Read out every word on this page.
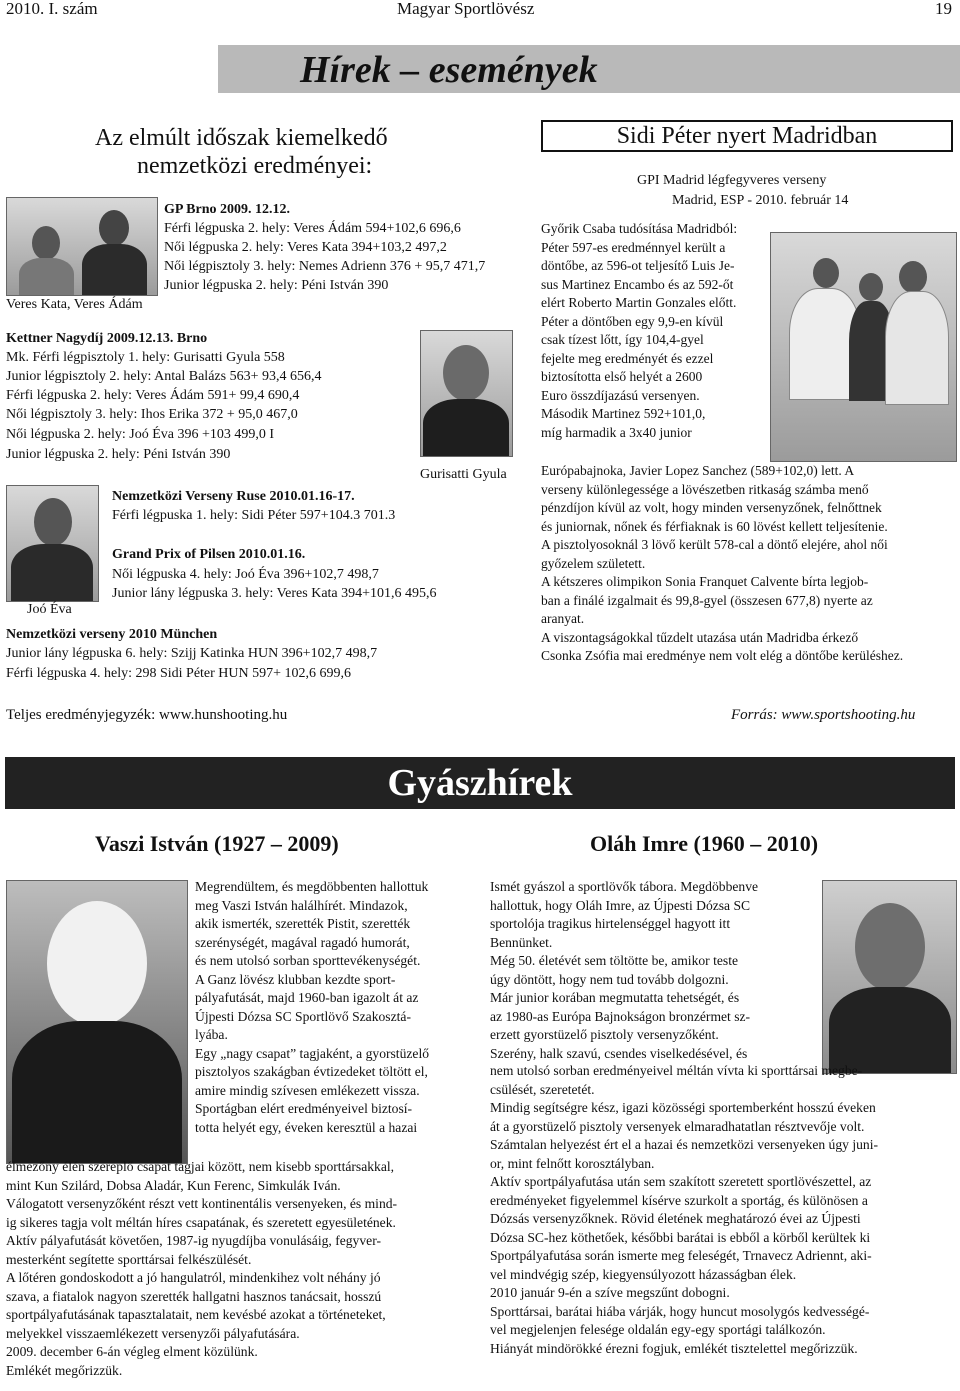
2010. I. szám	Magyar Sportlövész	19
Hírek – események
Az elmúlt időszak kiemelkedő
nemzetközi eredményei:
Veres Kata, Veres Ádám
GP Brno 2009. 12.12.
Férfi légpuska 2. hely: Veres Ádám 594+102,6 696,6
Női légpuska 2. hely: Veres Kata 394+103,2 497,2
Női légpisztoly 3. hely: Nemes Adrienn 376 + 95,7 471,7
Junior légpuska 2. hely: Péni István 390
Kettner Nagydíj 2009.12.13. Brno
Mk. Férfi légpisztoly 1. hely: Gurisatti Gyula 558
Junior légpisztoly 2. hely: Antal Balázs 563+ 93,4 656,4
Férfi légpuska 2. hely: Veres Ádám 591+ 99,4 690,4
Női légpisztoly 3. hely: Ihos Erika 372 + 95,0 467,0
Női légpuska 2. hely: Joó Éva 396 +103 499,0 I
Junior légpuska 2. hely: Péni István 390
Gurisatti Gyula
Joó Éva
Nemzetközi Verseny Ruse 2010.01.16-17.
Férfi légpuska 1. hely: Sidi Péter 597+104.3 701.3
Grand Prix of Pilsen 2010.01.16.
Női légpuska 4. hely: Joó Éva 396+102,7 498,7
Junior lány légpuska 3. hely: Veres Kata 394+101,6 495,6
Nemzetközi verseny 2010 München
Junior lány légpuska 6. hely: Szijj Katinka HUN 396+102,7 498,7
Férfi légpuska 4. hely: 298 Sidi Péter HUN 597+ 102,6 699,6
Teljes eredményjegyzék: www.hunshooting.hu
Sidi Péter nyert Madridban
GPI Madrid légfegyveres verseny
Madrid, ESP - 2010. február 14
Győrik Csaba tudósítása Madridból:
Péter 597-es eredménnyel került a
döntőbe, az 596-ot teljesítő Luis Je-
sus Martinez Encambo és az 592-őt
elért Roberto Martin Gonzales előtt.
Péter a döntőben egy 9,9-en kívül
csak tízest lőtt, így 104,4-gyel
fejelte meg eredményét és ezzel
biztosította első helyét a 2600
Euro összdíjazású versenyen.
Második Martinez 592+101,0,
míg harmadik a 3x40 junior
Európabajnoka, Javier Lopez Sanchez (589+102,0) lett. A
verseny különlegessége a lövészetben ritkaság számba menő
pénzdíjon kívül az volt, hogy minden versenyzőnek, felnőttnek
és juniornak, nőnek és férfiaknak is 60 lövést kellett teljesítenie.
A pisztolyosoknál 3 lövő került 578-cal a döntő elejére, ahol női
győzelem született.
A kétszeres olimpikon Sonia Franquet Calvente bírta legjob-
ban a finálé izgalmait és 99,8-gyel (összesen 677,8) nyerte az
aranyat.
A viszontagságokkal tűzdelt utazása után Madridba érkező
Csonka Zsófia mai eredménye nem volt elég a döntőbe kerüléshez.
Forrás: www.sportshooting.hu
Gyászhírek
Vaszi István (1927 – 2009)	Oláh Imre (1960 – 2010)
Megrendültem, és megdöbbenten hallottuk
meg Vaszi István halálhírét. Mindazok,
akik ismerték, szerették Pistit, szerették
szerénységét, magával ragadó humorát,
és nem utolsó sorban sporttevékenységét.
A Ganz lövész klubban kezdte sport-
pályafutását, majd 1960-ban igazolt át az
Újpesti Dózsa SC Sportlövő Szakosztá-
lyába.
Egy „nagy csapat” tagjaként, a gyorstüzelő
pisztolyos szakágban évtizedeket töltött el,
amire mindig szívesen emlékezett vissza.
Sportágban elért eredményeivel biztosí-
totta helyét egy, éveken keresztül a hazai
élmezőny élén szereplő csapat tagjai között, nem kisebb sporttársakkal,
mint Kun Szilárd, Dobsa Aladár, Kun Ferenc, Simkulák Iván.
Válogatott versenyzőként részt vett kontinentális versenyeken, és mind-
ig sikeres tagja volt méltán híres csapatának, és szeretett egyesületének.
Aktív pályafutását követően, 1987-ig nyugdíjba vonulásáig, fegyver-
mesterként segítette sporttársai felkészülését.
A lőtéren gondoskodott a jó hangulatról, mindenkihez volt néhány jó
szava, a fiatalok nagyon szerették hallgatni hasznos tanácsait, hosszú
sportpályafutásának tapasztalatait, nem kevésbé azokat a történeteket,
melyekkel visszaemlékezett versenyzői pályafutására.
2009. december 6-án végleg elment közülünk.
Emlékét megőrizzük.
Ismét gyászol a sportlövők tábora. Megdöbbenve
hallottuk, hogy Oláh Imre, az Újpesti Dózsa SC
sportolója tragikus hirtelenséggel hagyott itt
Bennünket.
Még 50. életévét sem töltötte be, amikor teste
úgy döntött, hogy nem tud tovább dolgozni.
Már junior korában megmutatta tehetségét, és
az 1980-as Európa Bajnokságon bronzérmet sz-
erzett gyorstüzelő pisztoly versenyzőként.
Szerény, halk szavú, csendes viselkedésével, és
nem utolsó sorban eredményeivel méltán vívta ki sporttársai megbe-
csülését, szeretetét.
Mindig segítségre kész, igazi közösségi sportemberként hosszú éveken
át a gyorstüzelő pisztoly versenyek elmaradhatatlan résztvevője volt.
Számtalan helyezést ért el a hazai és nemzetközi versenyeken úgy juni-
or, mint felnőtt korosztályban.
Aktív sportpályafutása után sem szakított szeretett sportlövészettel, az
eredményeket figyelemmel kísérve szurkolt a sportág, és különösen a
Dózsás versenyzőknek. Rövid életének meghatározó évei az Újpesti
Dózsa SC-hez köthetőek, későbbi barátai is ebből a körből kerültek ki
Sportpályafutása során ismerte meg feleségét, Trnavecz Adriennt, aki-
vel mindvégig szép, kiegyensúlyozott házasságban élek.
2010 január 9-én a szíve megszűnt dobogni.
Sporttársai, barátai hiába várják, hogy huncut mosolygós kedvességé-
vel megjelenjen felesége oldalán egy-egy sportági találkozón.
Hiányát mindörökké érezni fogjuk, emlékét tisztelettel megőrizzük.
